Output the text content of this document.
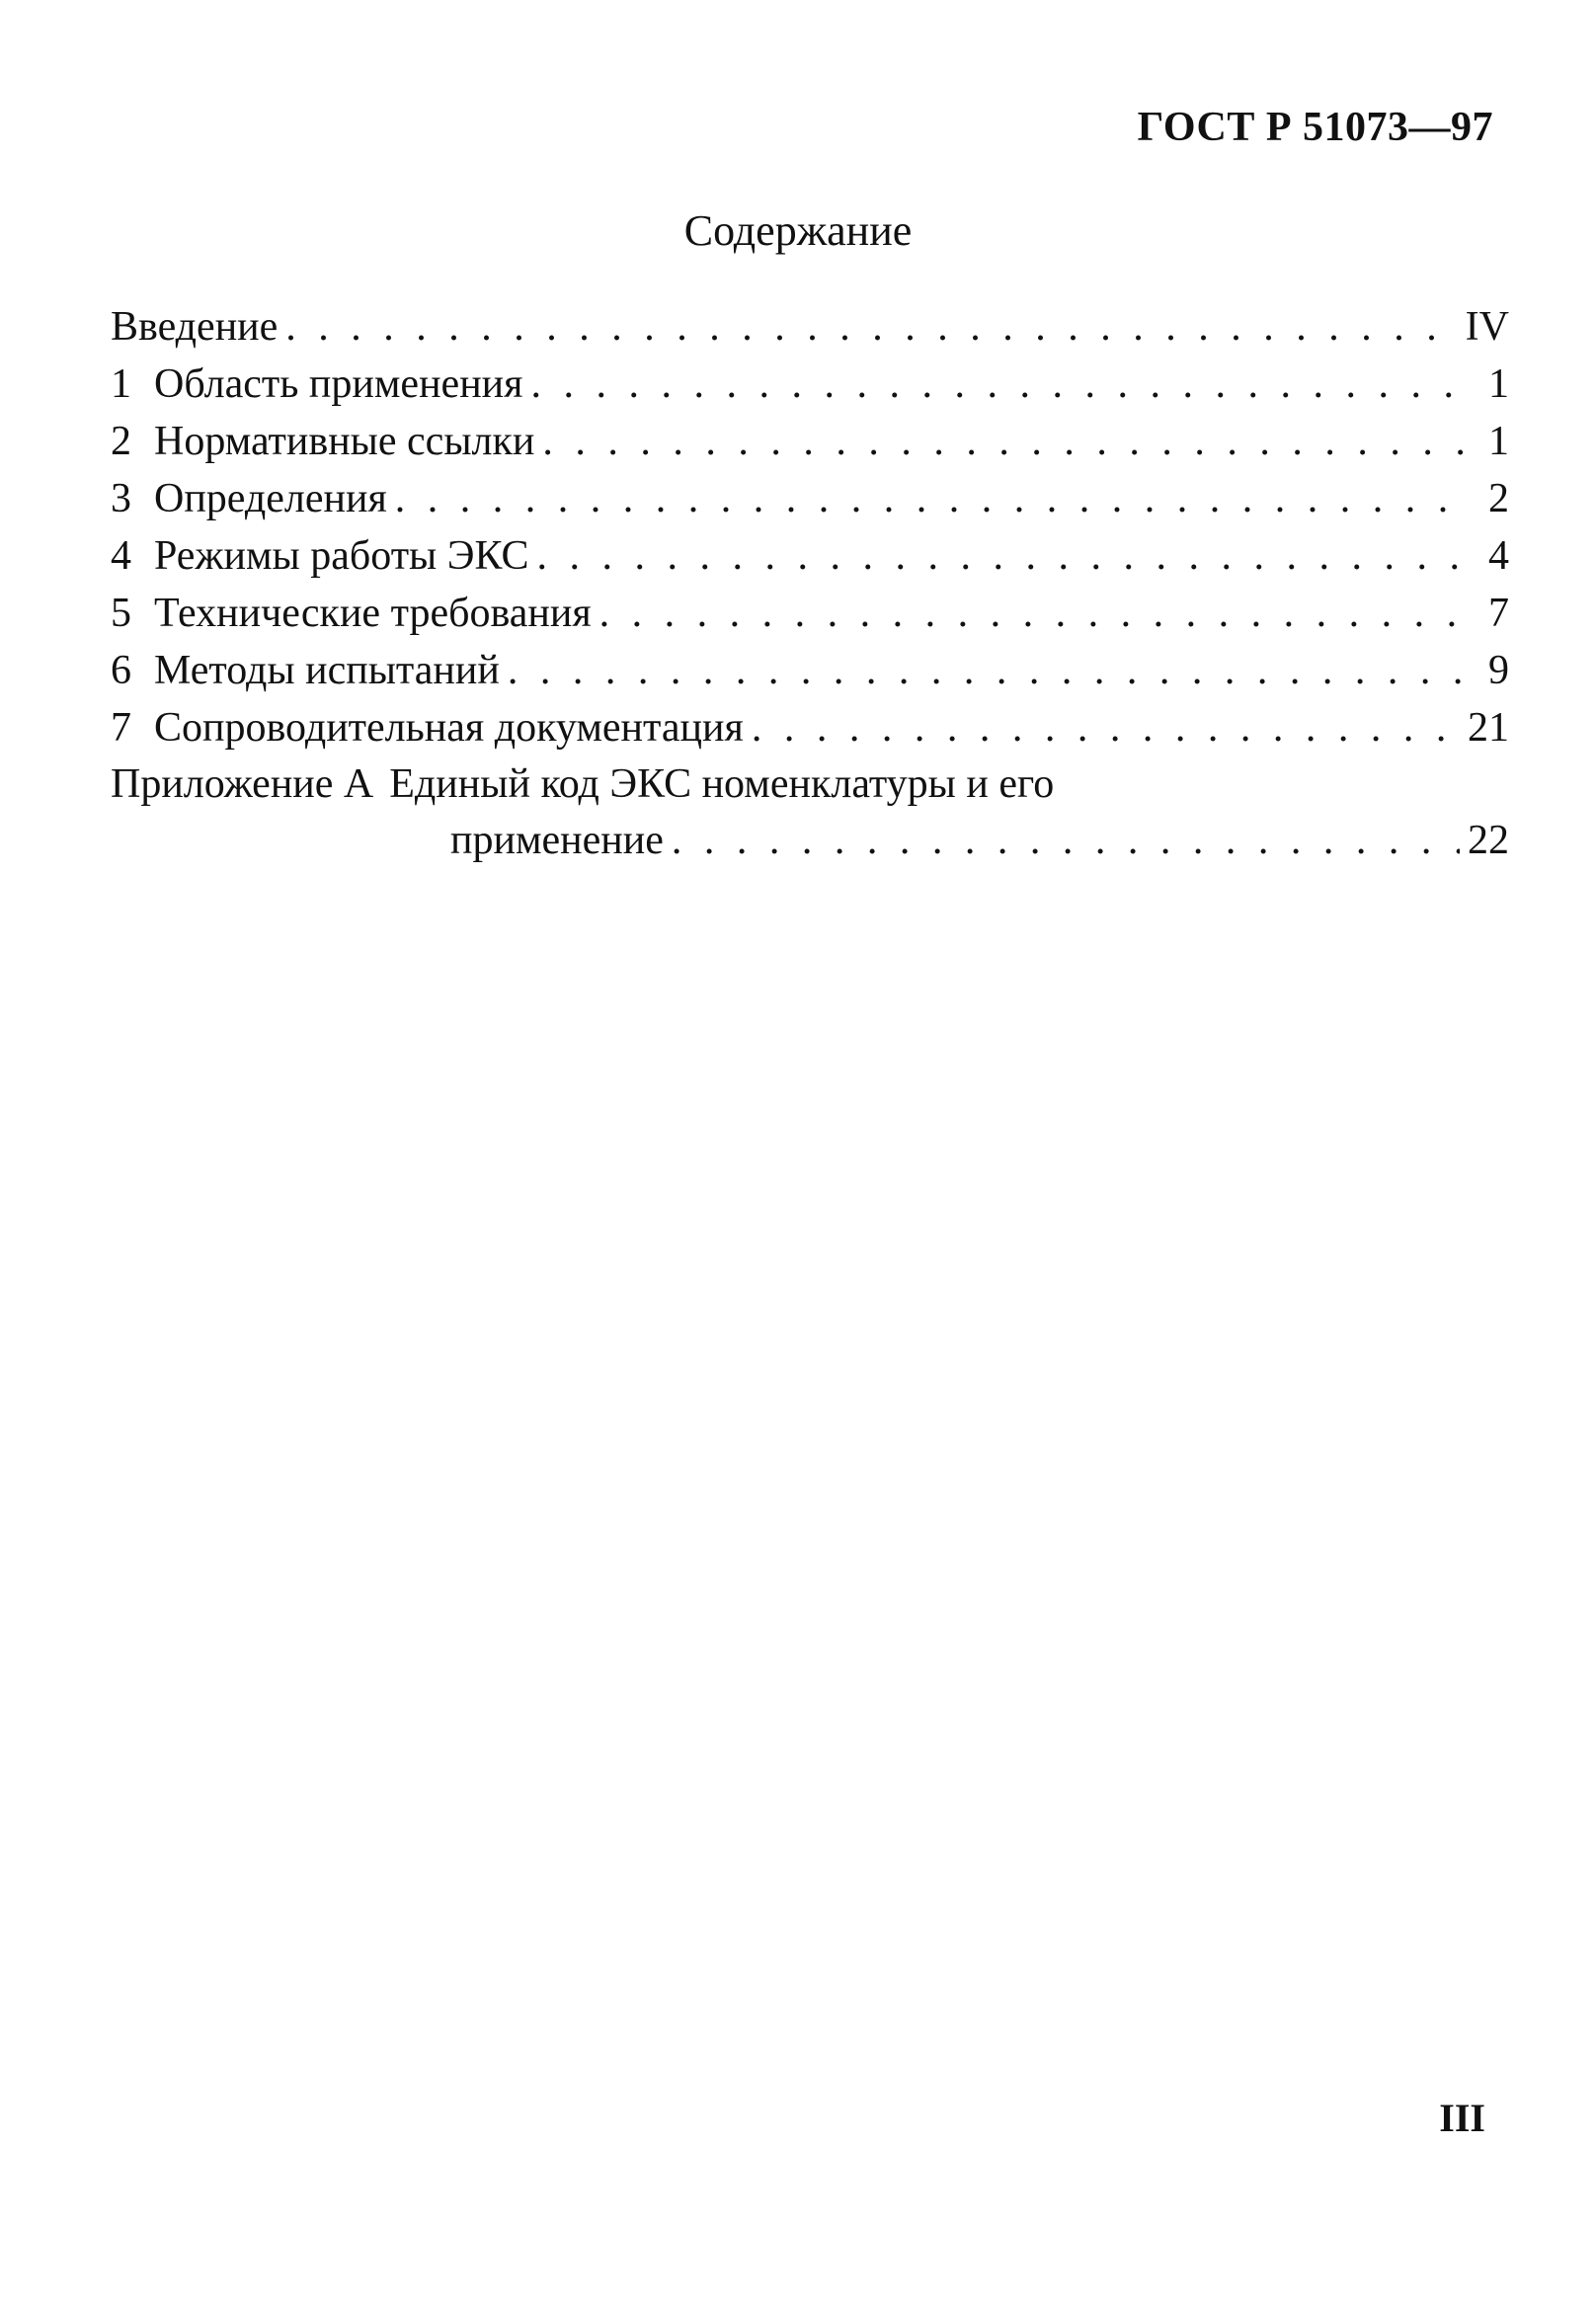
ГОСТ Р 51073—97
Содержание
Введение . . .	IV
1 Область применения . . .	1
2 Нормативные ссылки . . .	1
3 Определения . . .	2
4 Режимы работы ЭКС . . .	4
5 Технические требования . . .	7
6 Методы испытаний . . .	9
7 Сопроводительная документация . . .	21
Приложение А Единый код ЭКС номенклатуры и его
применение . . .	22
III
